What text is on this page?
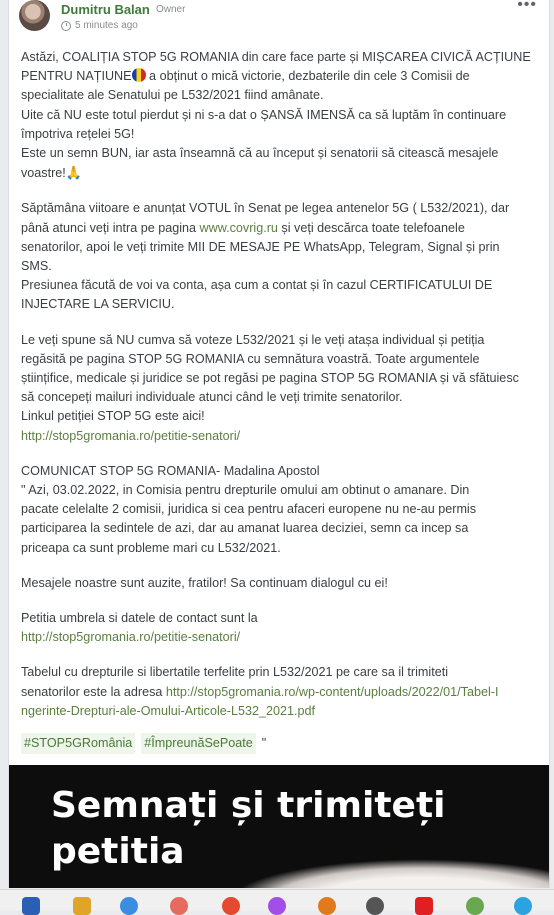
Dumitru Balan Owner
5 minutes ago
•••

Astăzi, COALIȚIA STOP 5G ROMANIA din care face parte și MIȘCAREA CIVICĂ ACȚIUNE
PENTRU NAȚIUNE a obținut o mică victorie, dezbaterile din cele 3 Comisii de
specialitate ale Senatului pe L532/2021 fiind amânate.
Uite că NU este totul pierdut și ni s-a dat o ȘANSĂ IMENSĂ ca să luptăm în continuare
împotriva rețelei 5G!
Este un semn BUN, iar asta înseamnă că au început și senatorii să citească mesajele
voastre!🙏

Săptămâna viitoare e anunțat VOTUL în Senat pe legea antenelor 5G ( L532/2021), dar
până atunci veți intra pe pagina www.covrig.ru și veți descărca toate telefoanele
senatorilor, apoi le veți trimite MII DE MESAJE PE WhatsApp, Telegram, Signal și prin
SMS.
Presiunea făcută de voi va conta, așa cum a contat și în cazul CERTIFICATULUI DE
INJECTARE LA SERVICIU.

Le veți spune să NU cumva să voteze L532/2021 și le veți atașa individual și petiția
regăsită pe pagina STOP 5G ROMANIA cu semnătura voastră. Toate argumentele
științifice, medicale și juridice se pot regăsi pe pagina STOP 5G ROMANIA și vă sfătuiesc
să concepeți mailuri individuale atunci când le veți trimite senatorilor.
Linkul petiției STOP 5G este aici!
http://stop5gromania.ro/petitie-senatori/

COMUNICAT STOP 5G ROMANIA- Madalina Apostol
" Azi, 03.02.2022, in Comisia pentru drepturile omului am obtinut o amanare. Din
pacate celelalte 2 comisii, juridica si cea pentru afaceri europene nu ne-au permis
participarea la sedintele de azi, dar au amanat luarea deciziei, semn ca incep sa
priceapa ca sunt probleme mari cu L532/2021.

Mesajele noastre sunt auzite, fratilor! Sa continuam dialogul cu ei!

Petitia umbrela si datele de contact sunt la
http://stop5gromania.ro/petitie-senatori/

Tabelul cu drepturile si libertatile terfelite prin L532/2021 pe care sa il trimiteti
senatorilor este la adresa http://stop5gromania.ro/wp-content/uploads/2022/01/Tabel-I
ngerinte-Drepturi-ale-Omului-Articole-L532_2021.pdf

#STOP5GRomânia #ÎmpreunăSePoate "
Semnați și trimiteți
petitia
